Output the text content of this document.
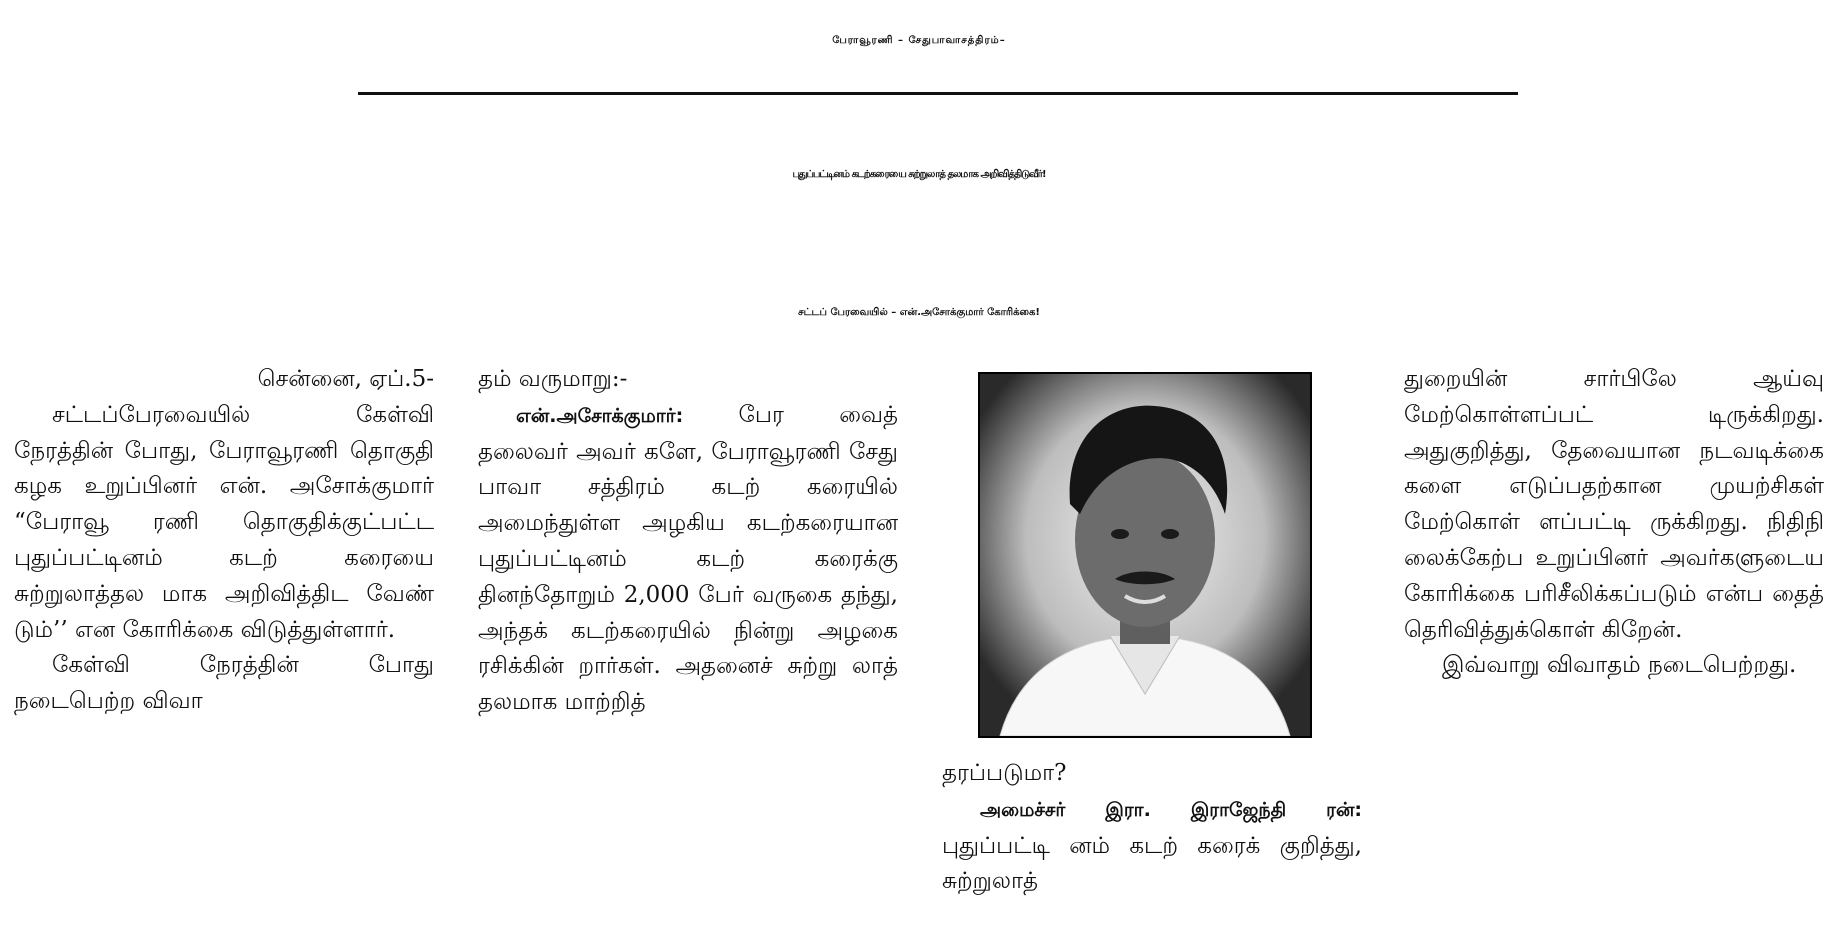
பேராவூரணி – சேதுபாவாசத்திரம்–
புதுப்பட்டினம் கடற்கரையை சுற்றுலாத் தலமாக அறிவித்திடுவீர்!
சட்டப் பேரவையில் – என்.அசோக்குமார் கோரிக்கை!

சென்னை, ஏப்.5-

சட்டப்பேரவையில் கேள்வி நேரத்தின் போது, பேராவூரணி தொகுதி கழக உறுப்பினர் என். அசோக்குமார் “பேராவூ ரணி தொகுதிக்குட்பட்ட புதுப்பட்டினம் கடற் கரையை சுற்றுலாத்தல மாக அறிவித்திட வேண் டும்’’ என கோரிக்கை விடுத்துள்ளார்.

கேள்வி நேரத்தின் போது நடைபெற்ற விவா

தம் வருமாறு:-

என்.அசோக்குமார்: பேர வைத் தலைவர் அவர் களே, பேராவூரணி சேது பாவா சத்திரம் கடற் கரையில் அமைந்துள்ள அழகிய கடற்கரையான புதுப்பட்டினம் கடற் கரைக்கு தினந்தோறும் 2,000 பேர் வருகை தந்து, அந்தக் கடற்கரையில் நின்று அழகை ரசிக்கின் றார்கள். அதனைச் சுற்று லாத் தலமாக மாற்றித்

தரப்படுமா?

அமைச்சர் இரா. இராஜேந்தி ரன்: புதுப்பட்டி னம் கடற் கரைக் குறித்து, சுற்றுலாத்

துறையின் சார்பிலே ஆய்வு மேற்கொள்ளப்பட் டிருக்கிறது. அதுகுறித்து, தேவையான நடவடிக்கை களை எடுப்பதற்கான முயற்சிகள் மேற்கொள் ளப்பட்டி ருக்கிறது. நிதிநி லைக்கேற்ப உறுப்பினர் அவர்களுடைய கோரிக்கை பரிசீலிக்கப்படும் என்ப தைத் தெரிவித்துக்கொள் கிறேன்.

இவ்வாறு விவாதம் நடைபெற்றது.
